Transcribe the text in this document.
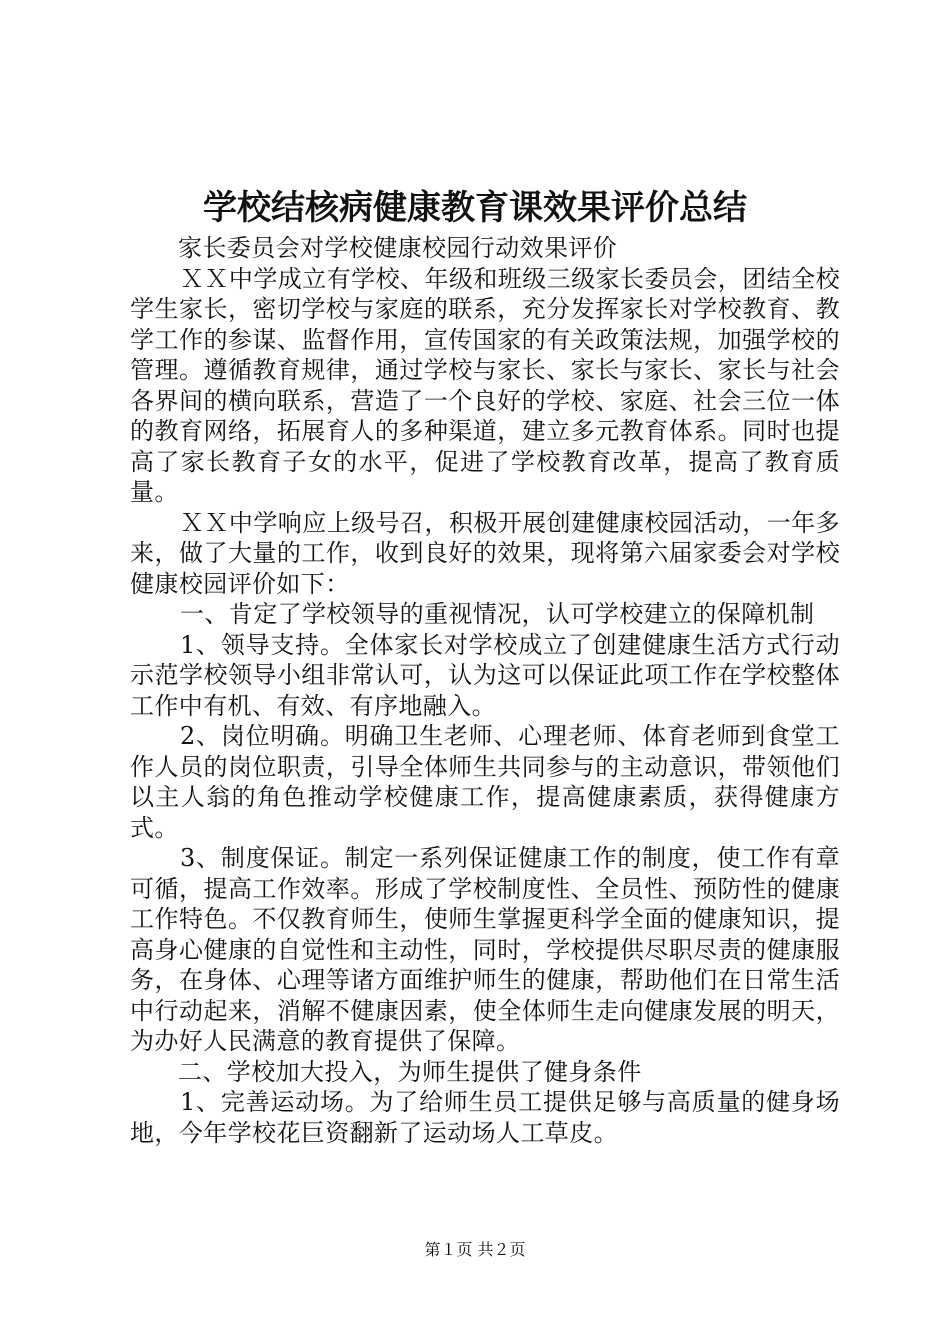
学校结核病健康教育课效果评价总结

家长委员会对学校健康校园行动效果评价

ＸＸ中学成立有学校、年级和班级三级家长委员会，团结全校学生家长，密切学校与家庭的联系，充分发挥家长对学校教育、教学工作的参谋、监督作用，宣传国家的有关政策法规，加强学校的管理。遵循教育规律，通过学校与家长、家长与家长、家长与社会各界间的横向联系，营造了一个良好的学校、家庭、社会三位一体的教育网络，拓展育人的多种渠道，建立多元教育体系。同时也提高了家长教育子女的水平，促进了学校教育改革，提高了教育质量。

ＸＸ中学响应上级号召，积极开展创建健康校园活动，一年多来，做了大量的工作，收到良好的效果，现将第六届家委会对学校健康校园评价如下：

一、肯定了学校领导的重视情况，认可学校建立的保障机制

1、领导支持。全体家长对学校成立了创建健康生活方式行动示范学校领导小组非常认可，认为这可以保证此项工作在学校整体工作中有机、有效、有序地融入。

2、岗位明确。明确卫生老师、心理老师、体育老师到食堂工作人员的岗位职责，引导全体师生共同参与的主动意识，带领他们以主人翁的角色推动学校健康工作，提高健康素质，获得健康方式。

3、制度保证。制定一系列保证健康工作的制度，使工作有章可循，提高工作效率。形成了学校制度性、全员性、预防性的健康工作特色。不仅教育师生，使师生掌握更科学全面的健康知识，提高身心健康的自觉性和主动性，同时，学校提供尽职尽责的健康服务，在身体、心理等诸方面维护师生的健康，帮助他们在日常生活中行动起来，消解不健康因素，使全体师生走向健康发展的明天，为办好人民满意的教育提供了保障。

二、学校加大投入，为师生提供了健身条件

1、完善运动场。为了给师生员工提供足够与高质量的健身场地，今年学校花巨资翻新了运动场人工草皮。

第１页 共２页
